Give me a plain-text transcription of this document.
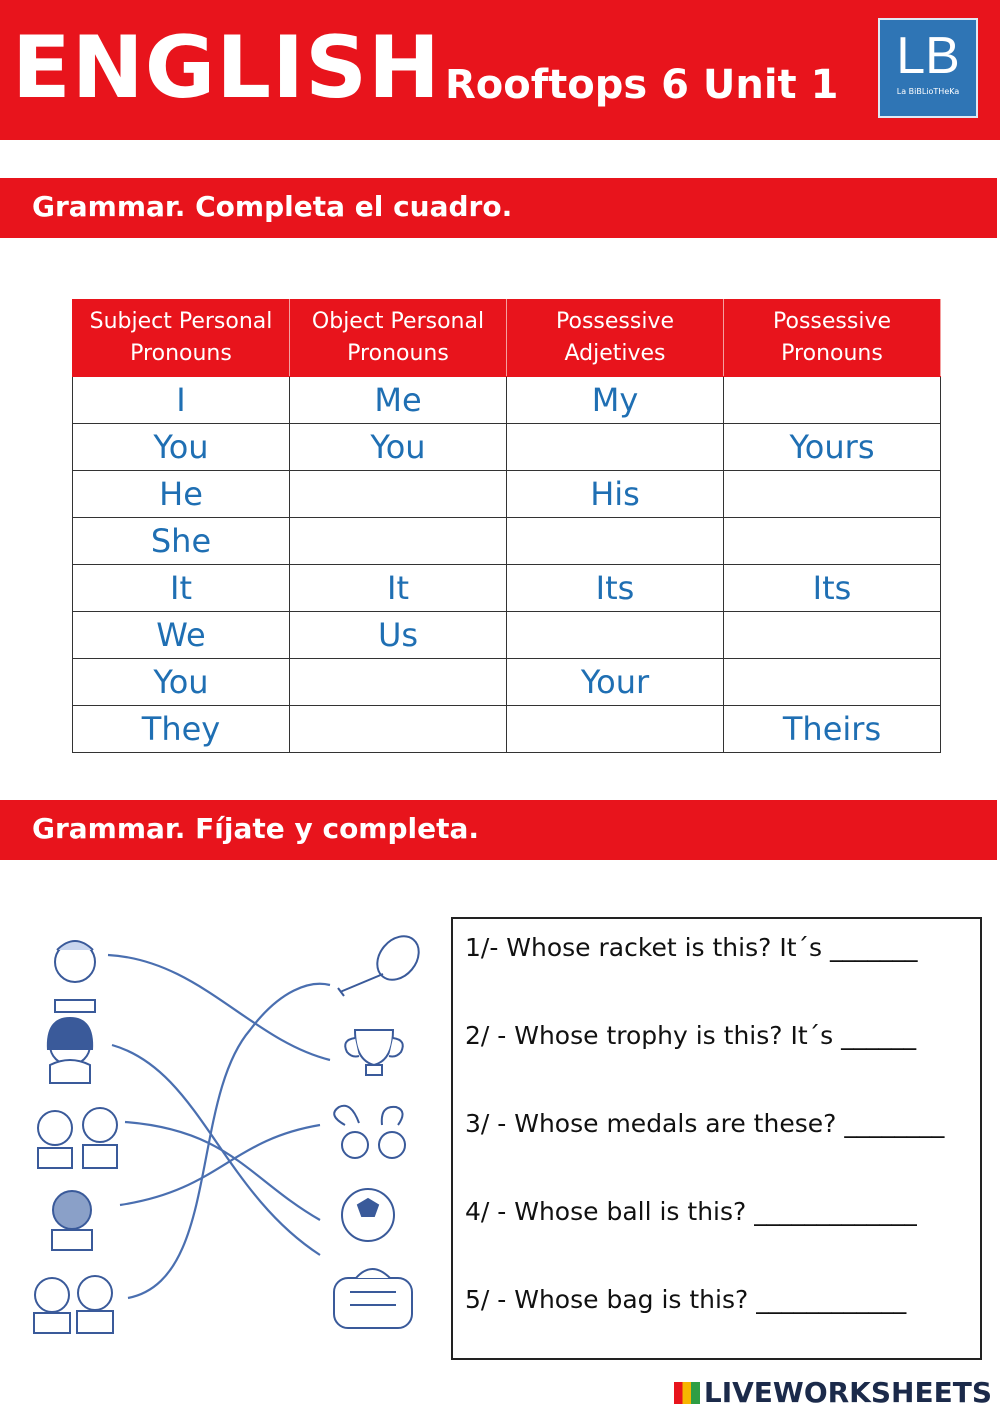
ENGLISH Rooftops 6 Unit 1	LB
La BiBLioTHeKa
Grammar. Completa el cuadro.
Subject Personal Pronouns	Object Personal Pronouns	Possessive Adjetives	Possessive Pronouns
I	Me	My	
You	You		Yours
He		His	
She			
It	It	Its	Its
We	Us		
You		Your	
They			Theirs
Grammar. Fíjate y completa.
1/- Whose racket is this? It´s _______
2/ - Whose trophy is this? It´s ______
3/ - Whose medals are these? ________
4/ - Whose ball is this? _____________
5/ - Whose bag is this? ____________
LIVEWORKSHEETS
